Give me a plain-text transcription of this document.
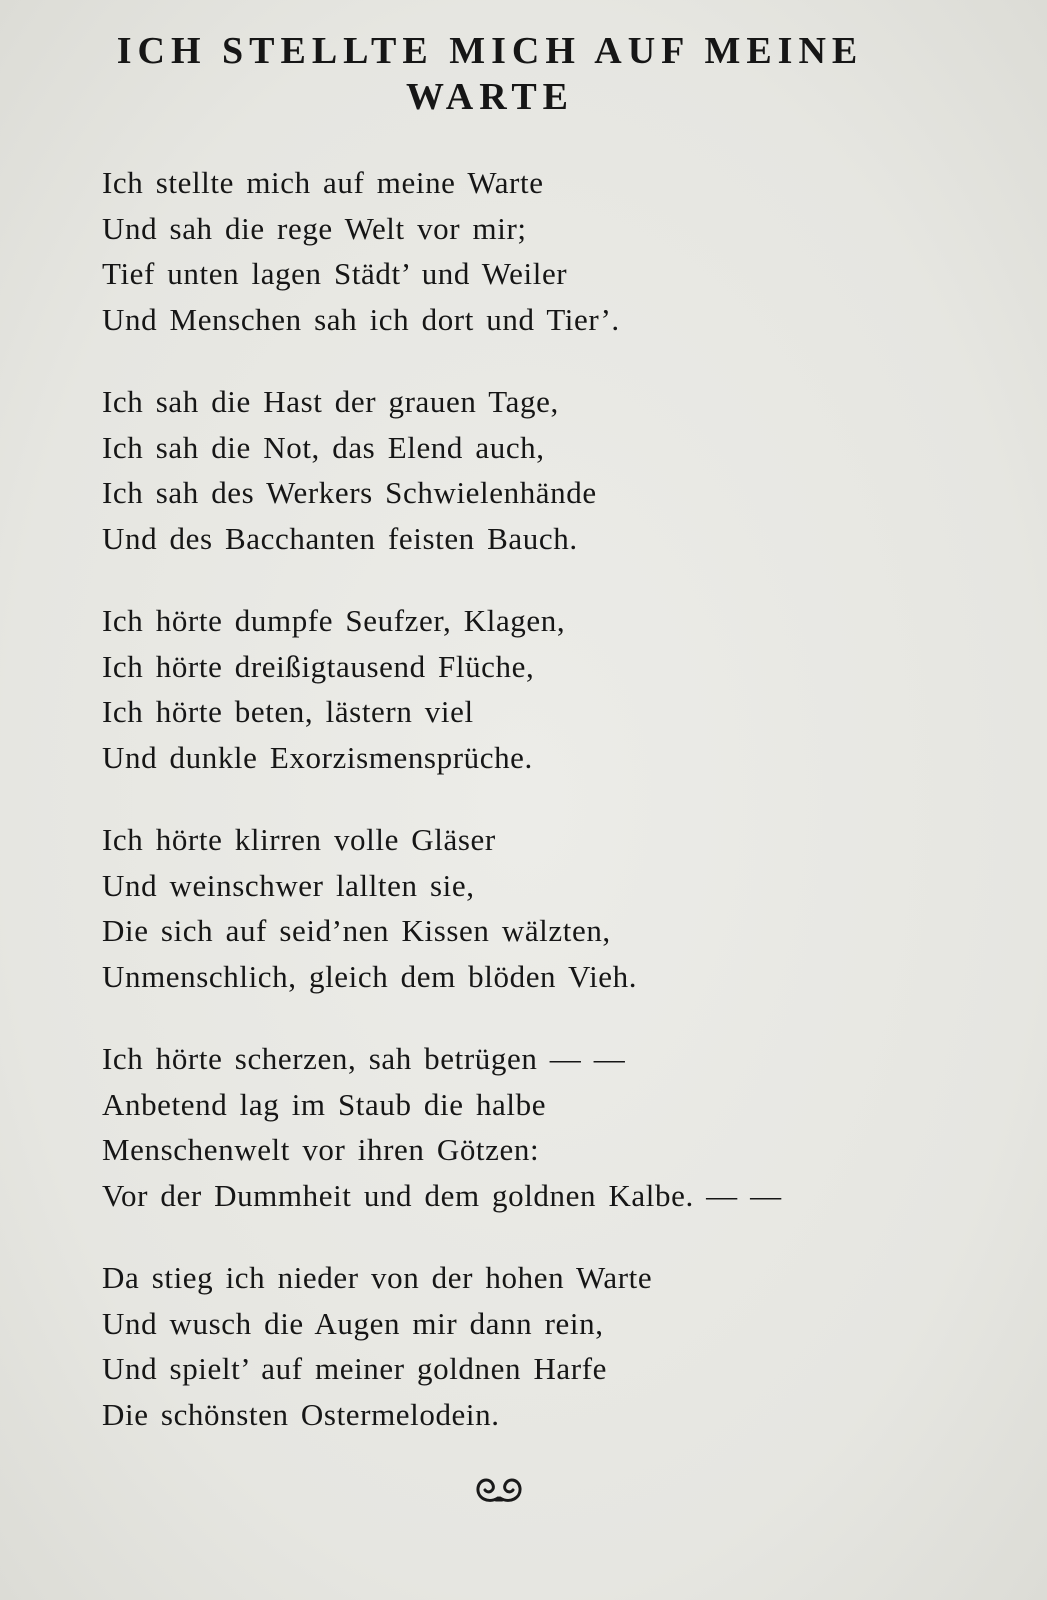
ICH STELLTE MICH AUF MEINE
WARTE
Ich stellte mich auf meine Warte
Und sah die rege Welt vor mir;
Tief unten lagen Städt’ und Weiler
Und Menschen sah ich dort und Tier’.
Ich sah die Hast der grauen Tage,
Ich sah die Not, das Elend auch,
Ich sah des Werkers Schwielenhände
Und des Bacchanten feisten Bauch.
Ich hörte dumpfe Seufzer, Klagen,
Ich hörte dreißigtausend Flüche,
Ich hörte beten, lästern viel
Und dunkle Exorzismensprüche.
Ich hörte klirren volle Gläser
Und weinschwer lallten sie,
Die sich auf seid’nen Kissen wälzten,
Unmenschlich, gleich dem blöden Vieh.
Ich hörte scherzen, sah betrügen — —
Anbetend lag im Staub die halbe
Menschenwelt vor ihren Götzen:
Vor der Dummheit und dem goldnen Kalbe. — —
Da stieg ich nieder von der hohen Warte
Und wusch die Augen mir dann rein,
Und spielt’ auf meiner goldnen Harfe
Die schönsten Ostermelodein.
